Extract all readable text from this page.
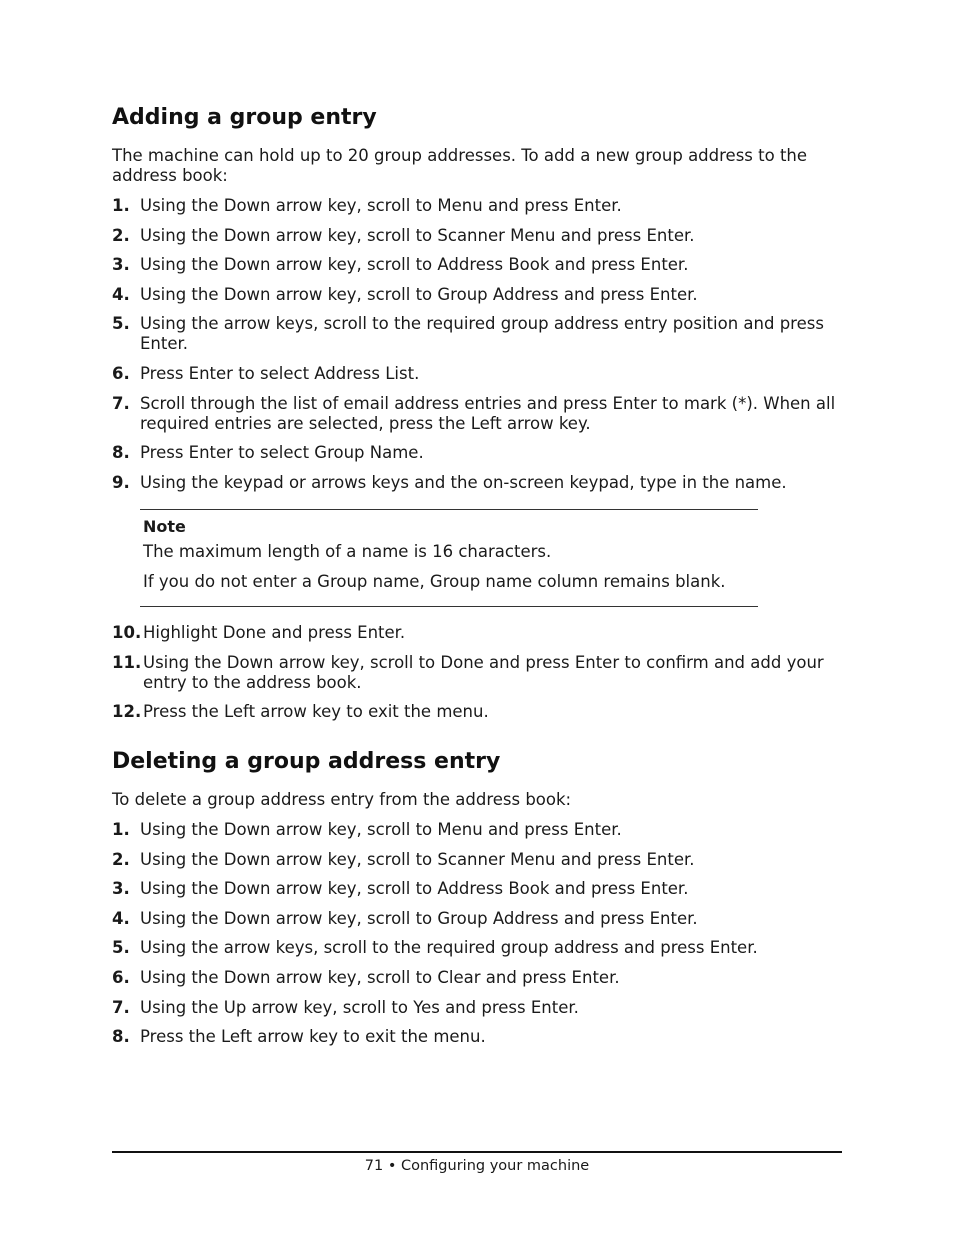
Adding a group entry

The machine can hold up to 20 group addresses. To add a new group address to the address book:

1. Using the Down arrow key, scroll to Menu and press Enter.
2. Using the Down arrow key, scroll to Scanner Menu and press Enter.
3. Using the Down arrow key, scroll to Address Book and press Enter.
4. Using the Down arrow key, scroll to Group Address and press Enter.
5. Using the arrow keys, scroll to the required group address entry position and press Enter.
6. Press Enter to select Address List.
7. Scroll through the list of email address entries and press Enter to mark (*). When all required entries are selected, press the Left arrow key.
8. Press Enter to select Group Name.
9. Using the keypad or arrows keys and the on-screen keypad, type in the name.
Note
The maximum length of a name is 16 characters.
If you do not enter a Group name, Group name column remains blank.
10. Highlight Done and press Enter.
11. Using the Down arrow key, scroll to Done and press Enter to confirm and add your entry to the address book.
12. Press the Left arrow key to exit the menu.
Deleting a group address entry

To delete a group address entry from the address book:

1. Using the Down arrow key, scroll to Menu and press Enter.
2. Using the Down arrow key, scroll to Scanner Menu and press Enter.
3. Using the Down arrow key, scroll to Address Book and press Enter.
4. Using the Down arrow key, scroll to Group Address and press Enter.
5. Using the arrow keys, scroll to the required group address and press Enter.
6. Using the Down arrow key, scroll to Clear and press Enter.
7. Using the Up arrow key, scroll to Yes and press Enter.
8. Press the Left arrow key to exit the menu.
71 • Configuring your machine
